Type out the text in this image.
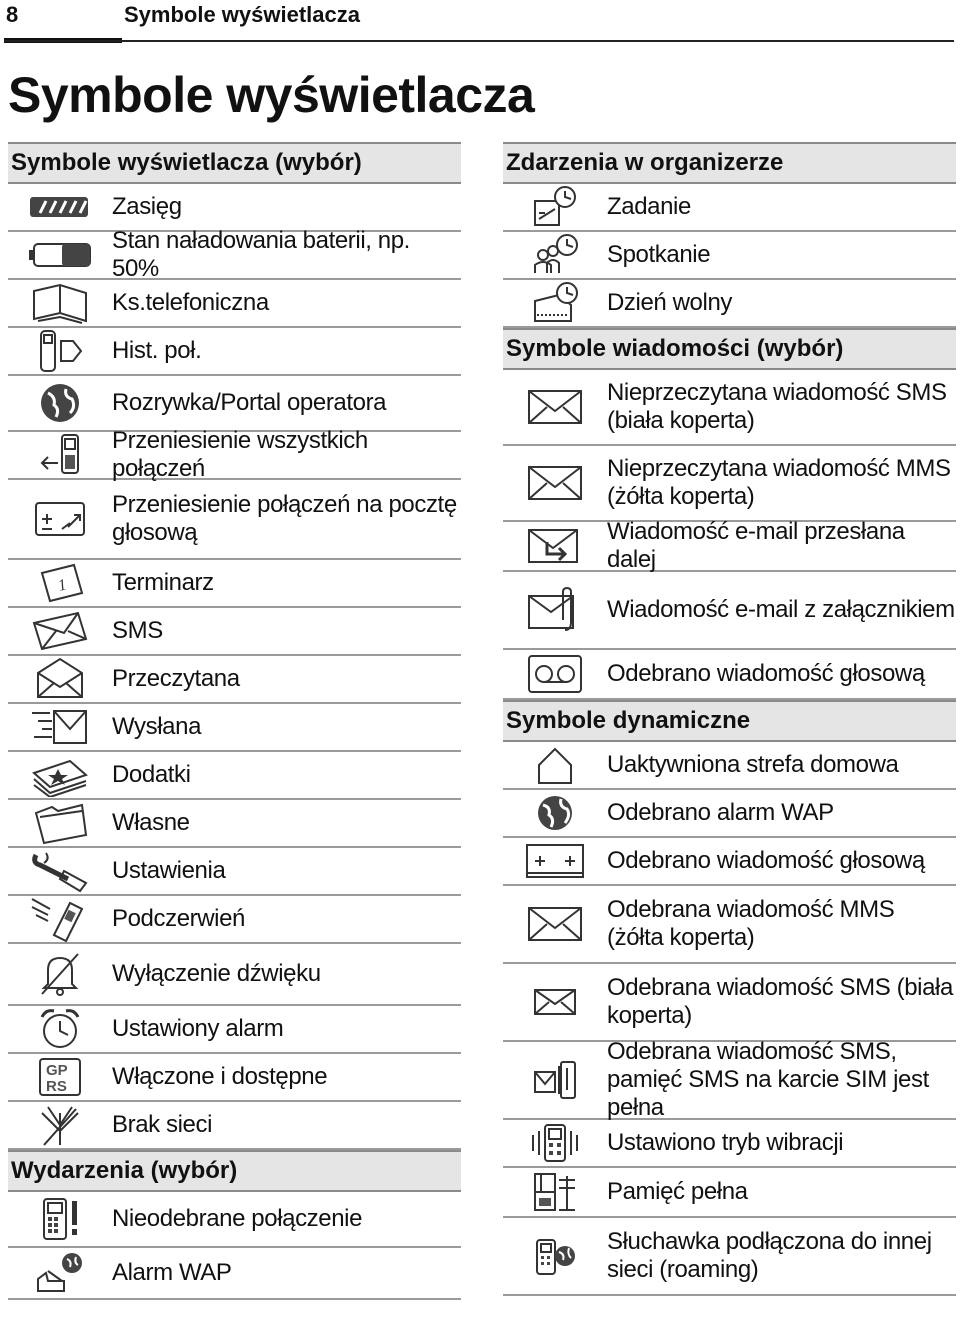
8	Symbole wyświetlacza
Symbole wyświetlacza
Symbole wyświetlacza (wybór)
Zasięg
Stan naładowania baterii, np. 50%
Ks.telefoniczna
Hist. poł.
Rozrywka/Portal operatora
Przeniesienie wszystkich połączeń
Przeniesienie połączeń na pocztę głosową
1 Terminarz
SMS
Przeczytana
Wysłana
Dodatki
Własne
Ustawienia
Podczerwień
Wyłączenie dźwięku
Ustawiony alarm
GP
RS Włączone i dostępne
Brak sieci
Wydarzenia (wybór)
Nieodebrane połączenie
Alarm WAP
Zdarzenia w organizerze
Zadanie
Spotkanie
Dzień wolny
Symbole wiadomości (wybór)
Nieprzeczytana wiadomość SMS (biała koperta)
Nieprzeczytana wiadomość MMS (żółta koperta)
Wiadomość e-mail przesłana dalej
Wiadomość e-mail z załącznikiem
Odebrano wiadomość głosową
Symbole dynamiczne
Uaktywniona strefa domowa
Odebrano alarm WAP
Odebrano wiadomość głosową
Odebrana wiadomość MMS (żółta koperta)
Odebrana wiadomość SMS (biała koperta)
Odebrana wiadomość SMS, pamięć SMS na karcie SIM jest pełna
Ustawiono tryb wibracji
Pamięć pełna
Słuchawka podłączona do innej sieci (roaming)
